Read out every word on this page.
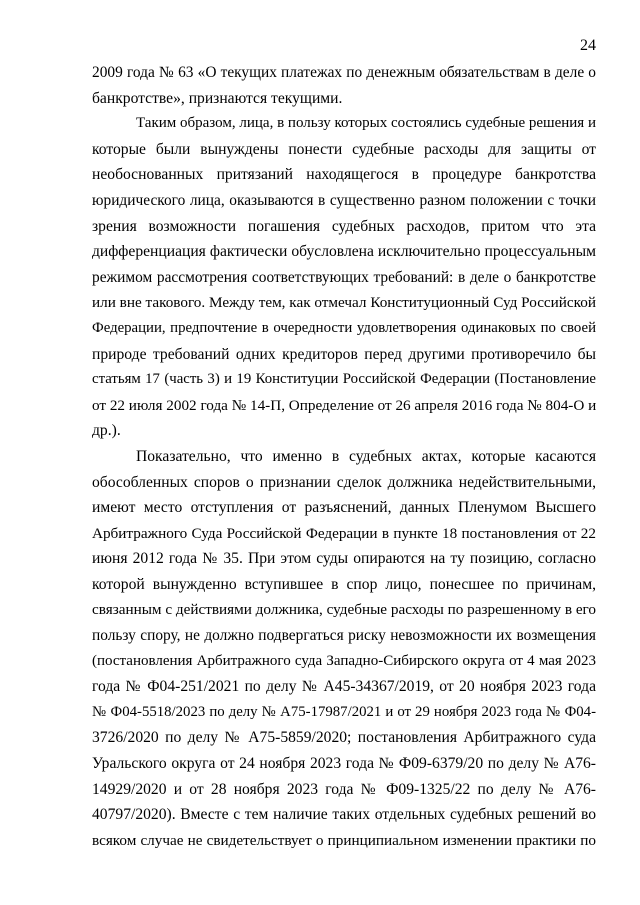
24
2009 года № 63 «О текущих платежах по денежным обязательствам в деле о
банкротстве», признаются текущими.
Таким образом, лица, в пользу которых состоялись судебные решения и
которые были вынуждены понести судебные расходы для защиты от
необоснованных притязаний находящегося в процедуре банкротства
юридического лица, оказываются в существенно разном положении с точки
зрения возможности погашения судебных расходов, притом что эта
дифференциация фактически обусловлена исключительно процессуальным
режимом рассмотрения соответствующих требований: в деле о банкротстве
или вне такового. Между тем, как отмечал Конституционный Суд Российской
Федерации, предпочтение в очередности удовлетворения одинаковых по своей
природе требований одних кредиторов перед другими противоречило бы
статьям 17 (часть 3) и 19 Конституции Российской Федерации (Постановление
от 22 июля 2002 года № 14-П, Определение от 26 апреля 2016 года № 804-О и
др.).
Показательно, что именно в судебных актах, которые касаются
обособленных споров о признании сделок должника недействительными,
имеют место отступления от разъяснений, данных Пленумом Высшего
Арбитражного Суда Российской Федерации в пункте 18 постановления от 22
июня 2012 года № 35. При этом суды опираются на ту позицию, согласно
которой вынужденно вступившее в спор лицо, понесшее по причинам,
связанным с действиями должника, судебные расходы по разрешенному в его
пользу спору, не должно подвергаться риску невозможности их возмещения
(постановления Арбитражного суда Западно-Сибирского округа от 4 мая 2023
года № Ф04-251/2021 по делу № А45-34367/2019, от 20 ноября 2023 года
№ Ф04-5518/2023 по делу № А75-17987/2021 и от 29 ноября 2023 года № Ф04-
3726/2020 по делу № А75-5859/2020; постановления Арбитражного суда
Уральского округа от 24 ноября 2023 года № Ф09-6379/20 по делу № А76-
14929/2020 и от 28 ноября 2023 года № Ф09-1325/22 по делу № А76-
40797/2020). Вместе с тем наличие таких отдельных судебных решений во
всяком случае не свидетельствует о принципиальном изменении практики по
